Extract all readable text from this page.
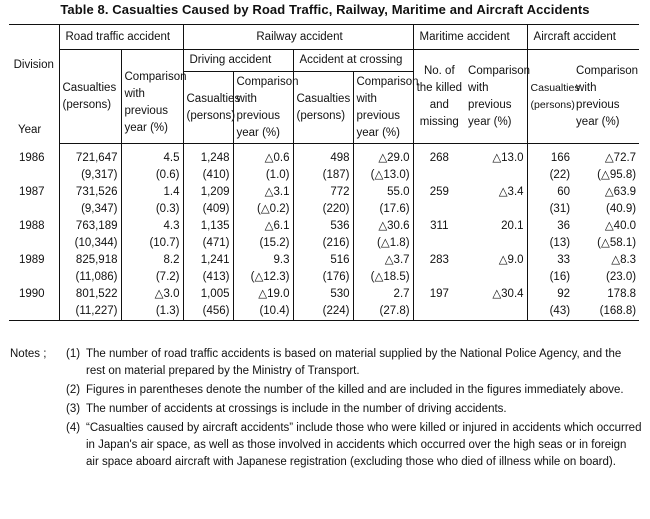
Table 8. Casualties Caused by Road Traffic, Railway, Maritime and Aircraft Accidents
Division
Year	Road traffic accident		Railway accident				Maritime accident		Aircraft accident	

	Casualties (persons)	Comparison with previous year (%)	Driving accident		Accident at crossing		No. of the killed and missing	Comparison with previous year (%)	Casualties (persons)	Comparison with previous year (%)

			Casualties (persons)	Comparison with previous year (%)	Casualties (persons)	Comparison with previous year (%)				

1986	721,647	4.5	1,248	△0.6	498	△29.0	268	△13.0	166	△72.7
	(9,317)	(0.6)	(410)	(1.0)	(187)	(△13.0)			(22)	(△95.8)
1987	731,526	1.4	1,209	△3.1	772	55.0	259	△3.4	60	△63.9
	(9,347)	(0.3)	(409)	(△0.2)	(220)	(17.6)			(31)	(40.9)
1988	763,189	4.3	1,135	△6.1	536	△30.6	311	20.1	36	△40.0
	(10,344)	(10.7)	(471)	(15.2)	(216)	(△1.8)			(13)	(△58.1)
1989	825,918	8.2	1,241	9.3	516	△3.7	283	△9.0	33	△8.3
	(11,086)	(7.2)	(413)	(△12.3)	(176)	(△18.5)			(16)	(23.0)
1990	801,522	△3.0	1,005	△19.0	530	2.7	197	△30.4	92	178.8
	(11,227)	(1.3)	(456)	(10.4)	(224)	(27.8)			(43)	(168.8)
Notes ;	(1) The number of road traffic accidents is based on material supplied by the National Police Agency, and the rest on material prepared by the Ministry of Transport.
(2) Figures in parentheses denote the number of the killed and are included in the figures immediately above.
(3) The number of accidents at crossings is include in the number of driving accidents.
(4) “Casualties caused by aircraft accidents” include those who were killed or injured in accidents which occurred in Japan's air space, as well as those involved in accidents which occurred over the high seas or in foreign air space aboard aircraft with Japanese registration (excluding those who died of illness while on board).
